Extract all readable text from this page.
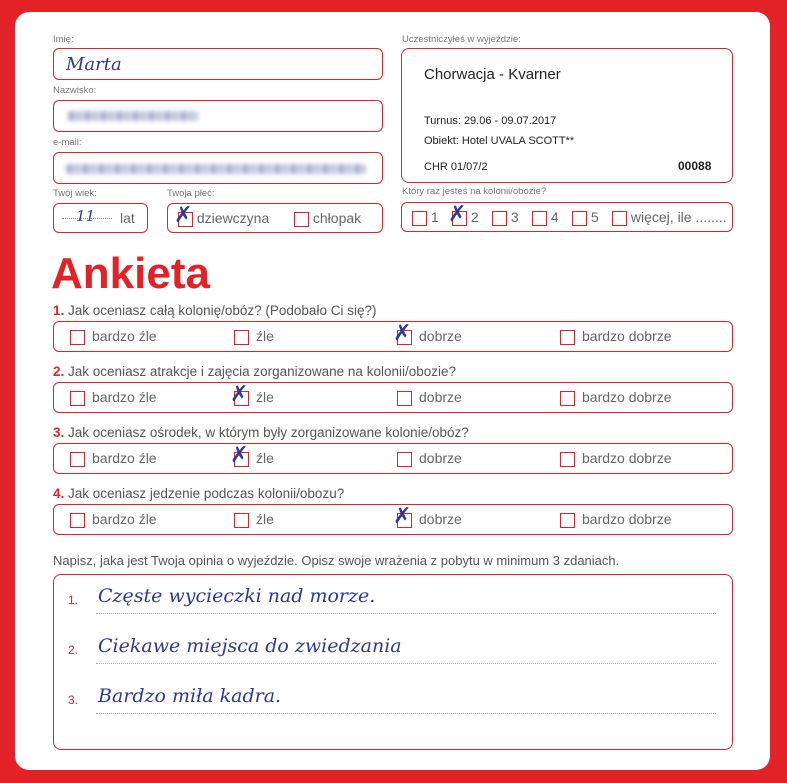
Imię:
Marta
Nazwisko:
e-mail:
Twój wiek:
11 lat
Twoja płeć:
✗ dziewczyna	chłopak
Uczestniczyłeś w wyjeździe:
Chorwacja - Kvarner
Turnus: 29.06 - 09.07.2017
Obiekt: Hotel UVALA SCOTT**
CHR 01/07/2	00088
Który raz jesteś na kolonii/obozie?
1 ✗ 2	3	4	5	więcej, ile ........
Ankieta
1. Jak oceniasz całą kolonię/obóz? (Podobało Ci się?)
bardzo źle	źle	✗ dobrze	bardzo dobrze
2. Jak oceniasz atrakcje i zajęcia zorganizowane na kolonii/obozie?
bardzo źle	✗ źle	dobrze	bardzo dobrze
3. Jak oceniasz ośrodek, w którym były zorganizowane kolonie/obóz?
bardzo źle	✗ źle	dobrze	bardzo dobrze
4. Jak oceniasz jedzenie podczas kolonii/obozu?
bardzo źle	źle	✗ dobrze	bardzo dobrze
Napisz, jaka jest Twoja opinia o wyjeździe. Opisz swoje wrażenia z pobytu w minimum 3 zdaniach.
1. Częste wycieczki nad morze.
2. Ciekawe miejsca do zwiedzania
3. Bardzo miła kadra.
